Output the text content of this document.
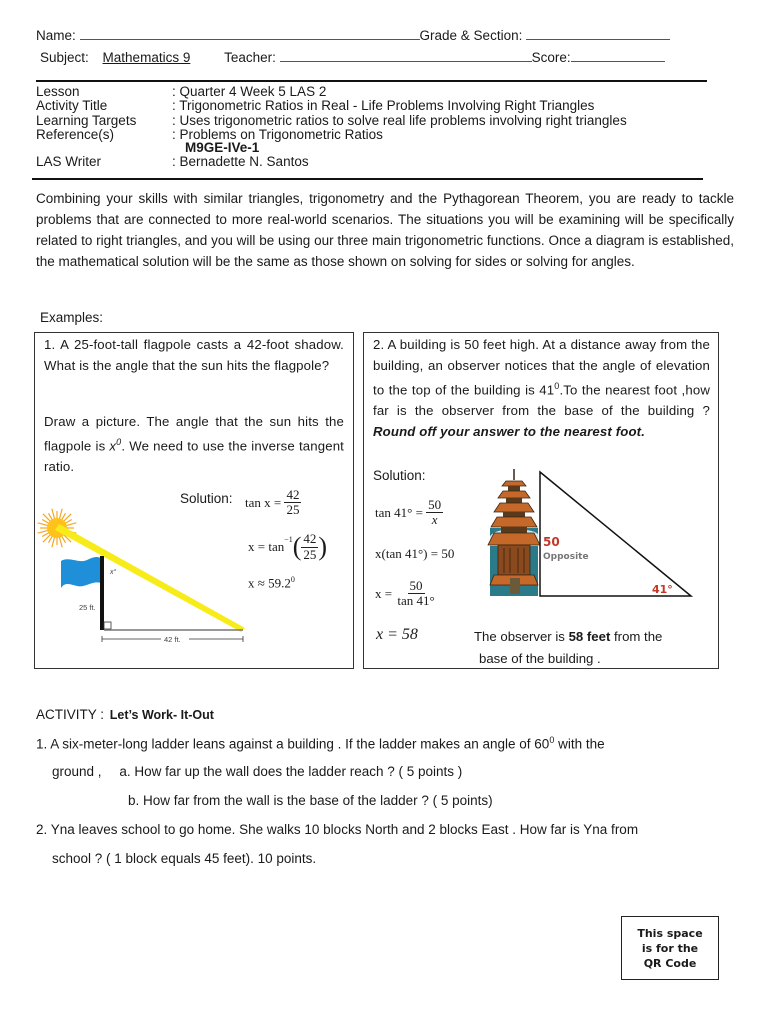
Name:	Grade & Section:
Subject: Mathematics 9	Teacher:	Score:
Lesson	: Quarter 4 Week 5 LAS 2
Activity Title	: Trigonometric Ratios in Real - Life Problems Involving Right Triangles
Learning Targets	: Uses trigonometric ratios to solve real life problems involving right triangles
Reference(s)	: Problems on Trigonometric Ratios
M9GE-IVe-1
LAS Writer	: Bernadette N. Santos

Combining your skills with similar triangles, trigonometry and the Pythagorean Theorem, you are ready to tackle problems that are connected to more real-world scenarios. The situations you will be examining will be specifically related to right triangles, and you will be using our three main trigonometric functions. Once a diagram is established, the mathematical solution will be the same as those shown on solving for sides or solving for angles.

Examples:
1. A 25-foot-tall flagpole casts a 42-foot shadow. What is the angle that the sun hits the flagpole?
Draw a picture. The angle that the sun hits the flagpole is $x^0$. We need to use the inverse tangent ratio.
Solution: $\tan x = \frac{42}{25}$
$x = \tan^{-1}( \frac{42}{25}$ )
$x \approx 59.2^0$
42 ft.
25 ft.
x°
2. A building is 50 feet high. At a distance away from the building, an observer notices that the angle of elevation to the top of the building is $41^0.To$ the nearest foot ,how far is the observer from the base of the building ? Round off your answer to the nearest foot.
Solution:
$\tan 41^\circ = \frac{50}{x}$
x(tan 41°) = 50
$x = \frac{50}{\tan 41^\circ}$
x = 58	The observer is 58 feet from the
base of the building .
50
Opposite
41°
ACTIVITY : Let’s Work- It-Out
1. A six-meter-long ladder leans against a building . If the ladder makes an angle of $60^0$ with the
ground , a. How far up the wall does the ladder reach ? ( 5 points )
b. How far from the wall is the base of the ladder ? ( 5 points)
2. Yna leaves school to go home. She walks 10 blocks North and 2 blocks East . How far is Yna from
school ? ( 1 block equals 45 feet). 10 points.
This space is for the QR Code
